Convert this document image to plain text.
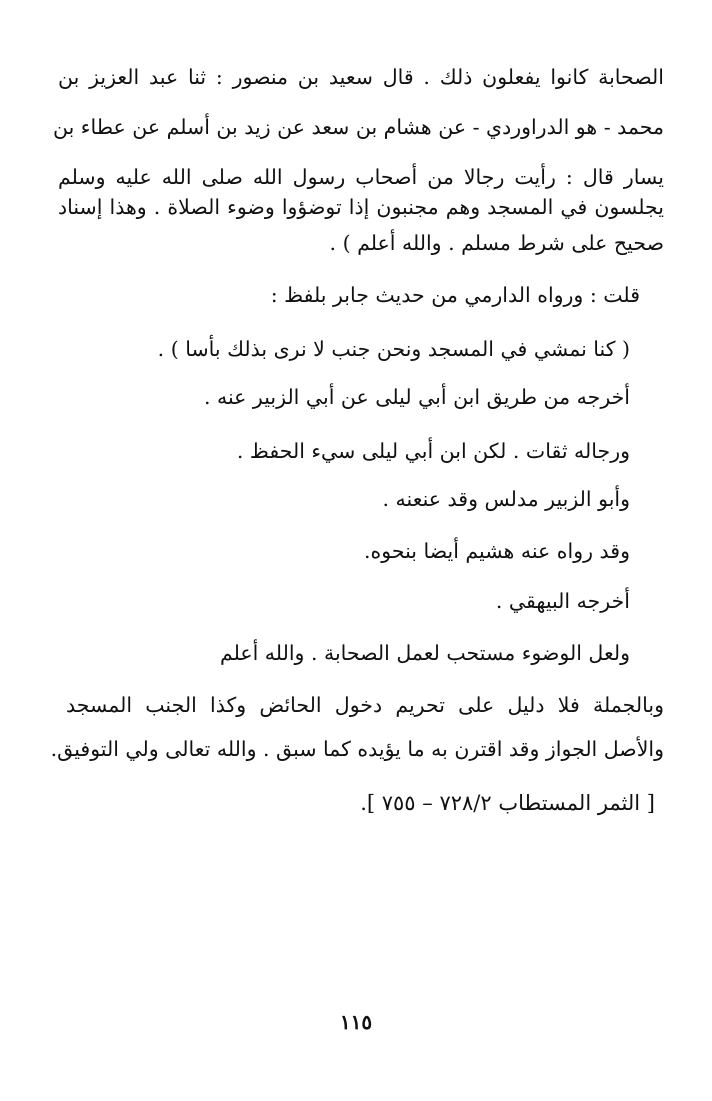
الصحابة كانوا يفعلون ذلك . قال سعيد بن منصور : ثنا عبد العزيز بن
محمد - هو الدراوردي - عن هشام بن سعد عن زيد بن أسلم عن عطاء بن
يسار قال : رأيت رجالا من أصحاب رسول الله صلى الله عليه وسلم
يجلسون في المسجد وهم مجنبون إذا توضؤوا وضوء الصلاة . وهذا إسناد
صحيح على شرط مسلم . والله أعلم ) .
قلت : ورواه الدارمي من حديث جابر بلفظ :
( كنا نمشي في المسجد ونحن جنب لا نرى بذلك بأسا ) .
أخرجه من طريق ابن أبي ليلى عن أبي الزبير عنه .
ورجاله ثقات . لكن ابن أبي ليلى سيء الحفظ .
وأبو الزبير مدلس وقد عنعنه .
وقد رواه عنه هشيم أيضا بنحوه.
أخرجه البيهقي .
ولعل الوضوء مستحب لعمل الصحابة . والله أعلم
وبالجملة فلا دليل على تحريم دخول الحائض وكذا الجنب المسجد
والأصل الجواز وقد اقترن به ما يؤيده كما سبق . والله تعالى ولي التوفيق.
[ الثمر المستطاب ٧٢٨/٢ – ٧٥٥ ].
١١٥
